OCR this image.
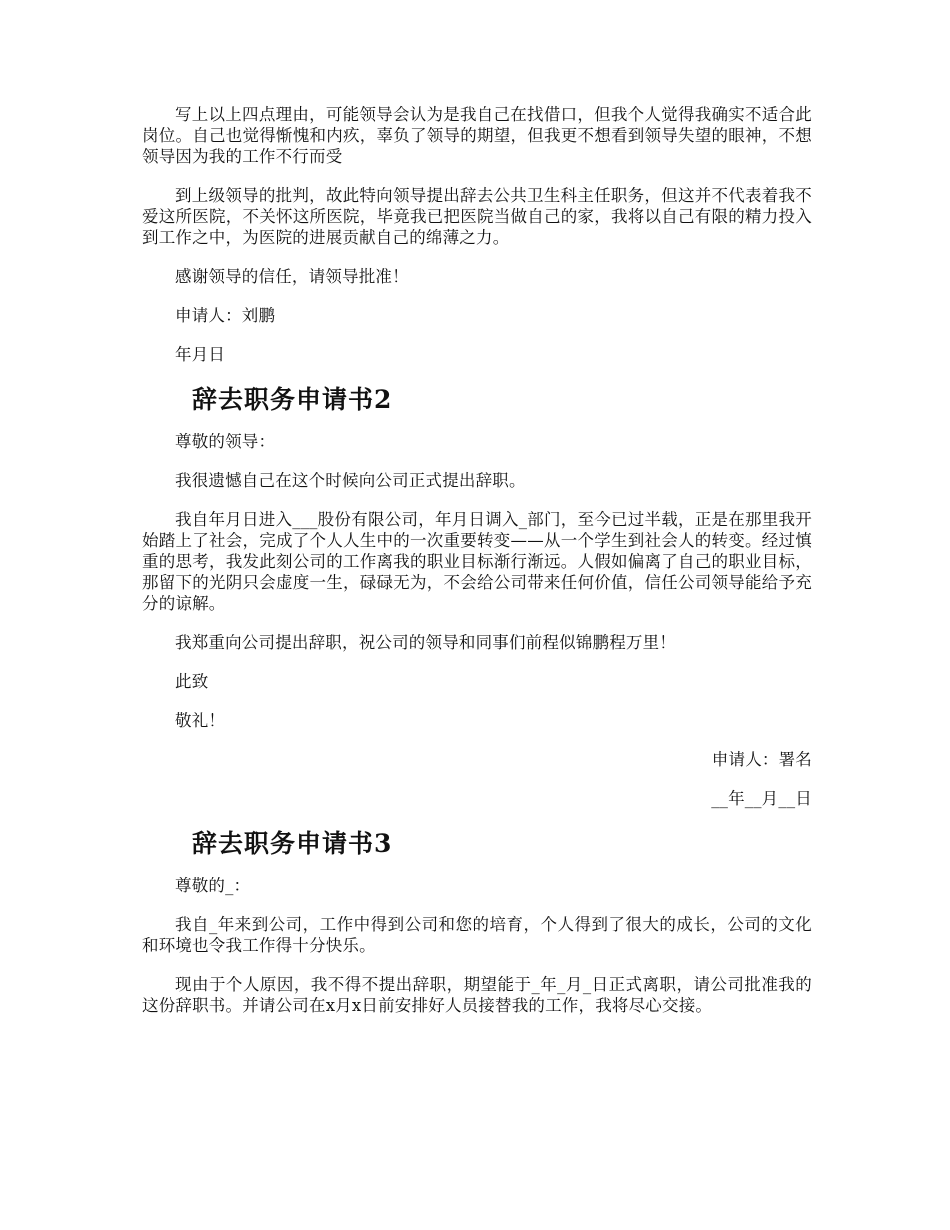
写上以上四点理由，可能领导会认为是我自己在找借口，但我个人觉得我确实不适合此岗位。自己也觉得惭愧和内疚，辜负了领导的期望，但我更不想看到领导失望的眼神，不想领导因为我的工作不行而受

到上级领导的批判，故此特向领导提出辞去公共卫生科主任职务，但这并不代表着我不爱这所医院，不关怀这所医院，毕竟我已把医院当做自己的家，我将以自己有限的精力投入到工作之中，为医院的进展贡献自己的绵薄之力。

感谢领导的信任，请领导批准！

申请人：刘鹏

年月日

辞去职务申请书2

尊敬的领导：

我很遗憾自己在这个时候向公司正式提出辞职。

我自年月日进入___股份有限公司，年月日调入_部门，至今已过半载，正是在那里我开始踏上了社会，完成了个人人生中的一次重要转变——从一个学生到社会人的转变。经过慎重的思考，我发此刻公司的工作离我的职业目标渐行渐远。人假如偏离了自己的职业目标，那留下的光阴只会虚度一生，碌碌无为，不会给公司带来任何价值，信任公司领导能给予充分的谅解。

我郑重向公司提出辞职，祝公司的领导和同事们前程似锦鹏程万里！

此致

敬礼！

申请人：署名

__年__月__日

辞去职务申请书3

尊敬的_：

我自_年来到公司，工作中得到公司和您的培育，个人得到了很大的成长，公司的文化和环境也令我工作得十分快乐。

现由于个人原因，我不得不提出辞职，期望能于_年_月_日正式离职，请公司批准我的这份辞职书。并请公司在x月x日前安排好人员接替我的工作，我将尽心交接。
